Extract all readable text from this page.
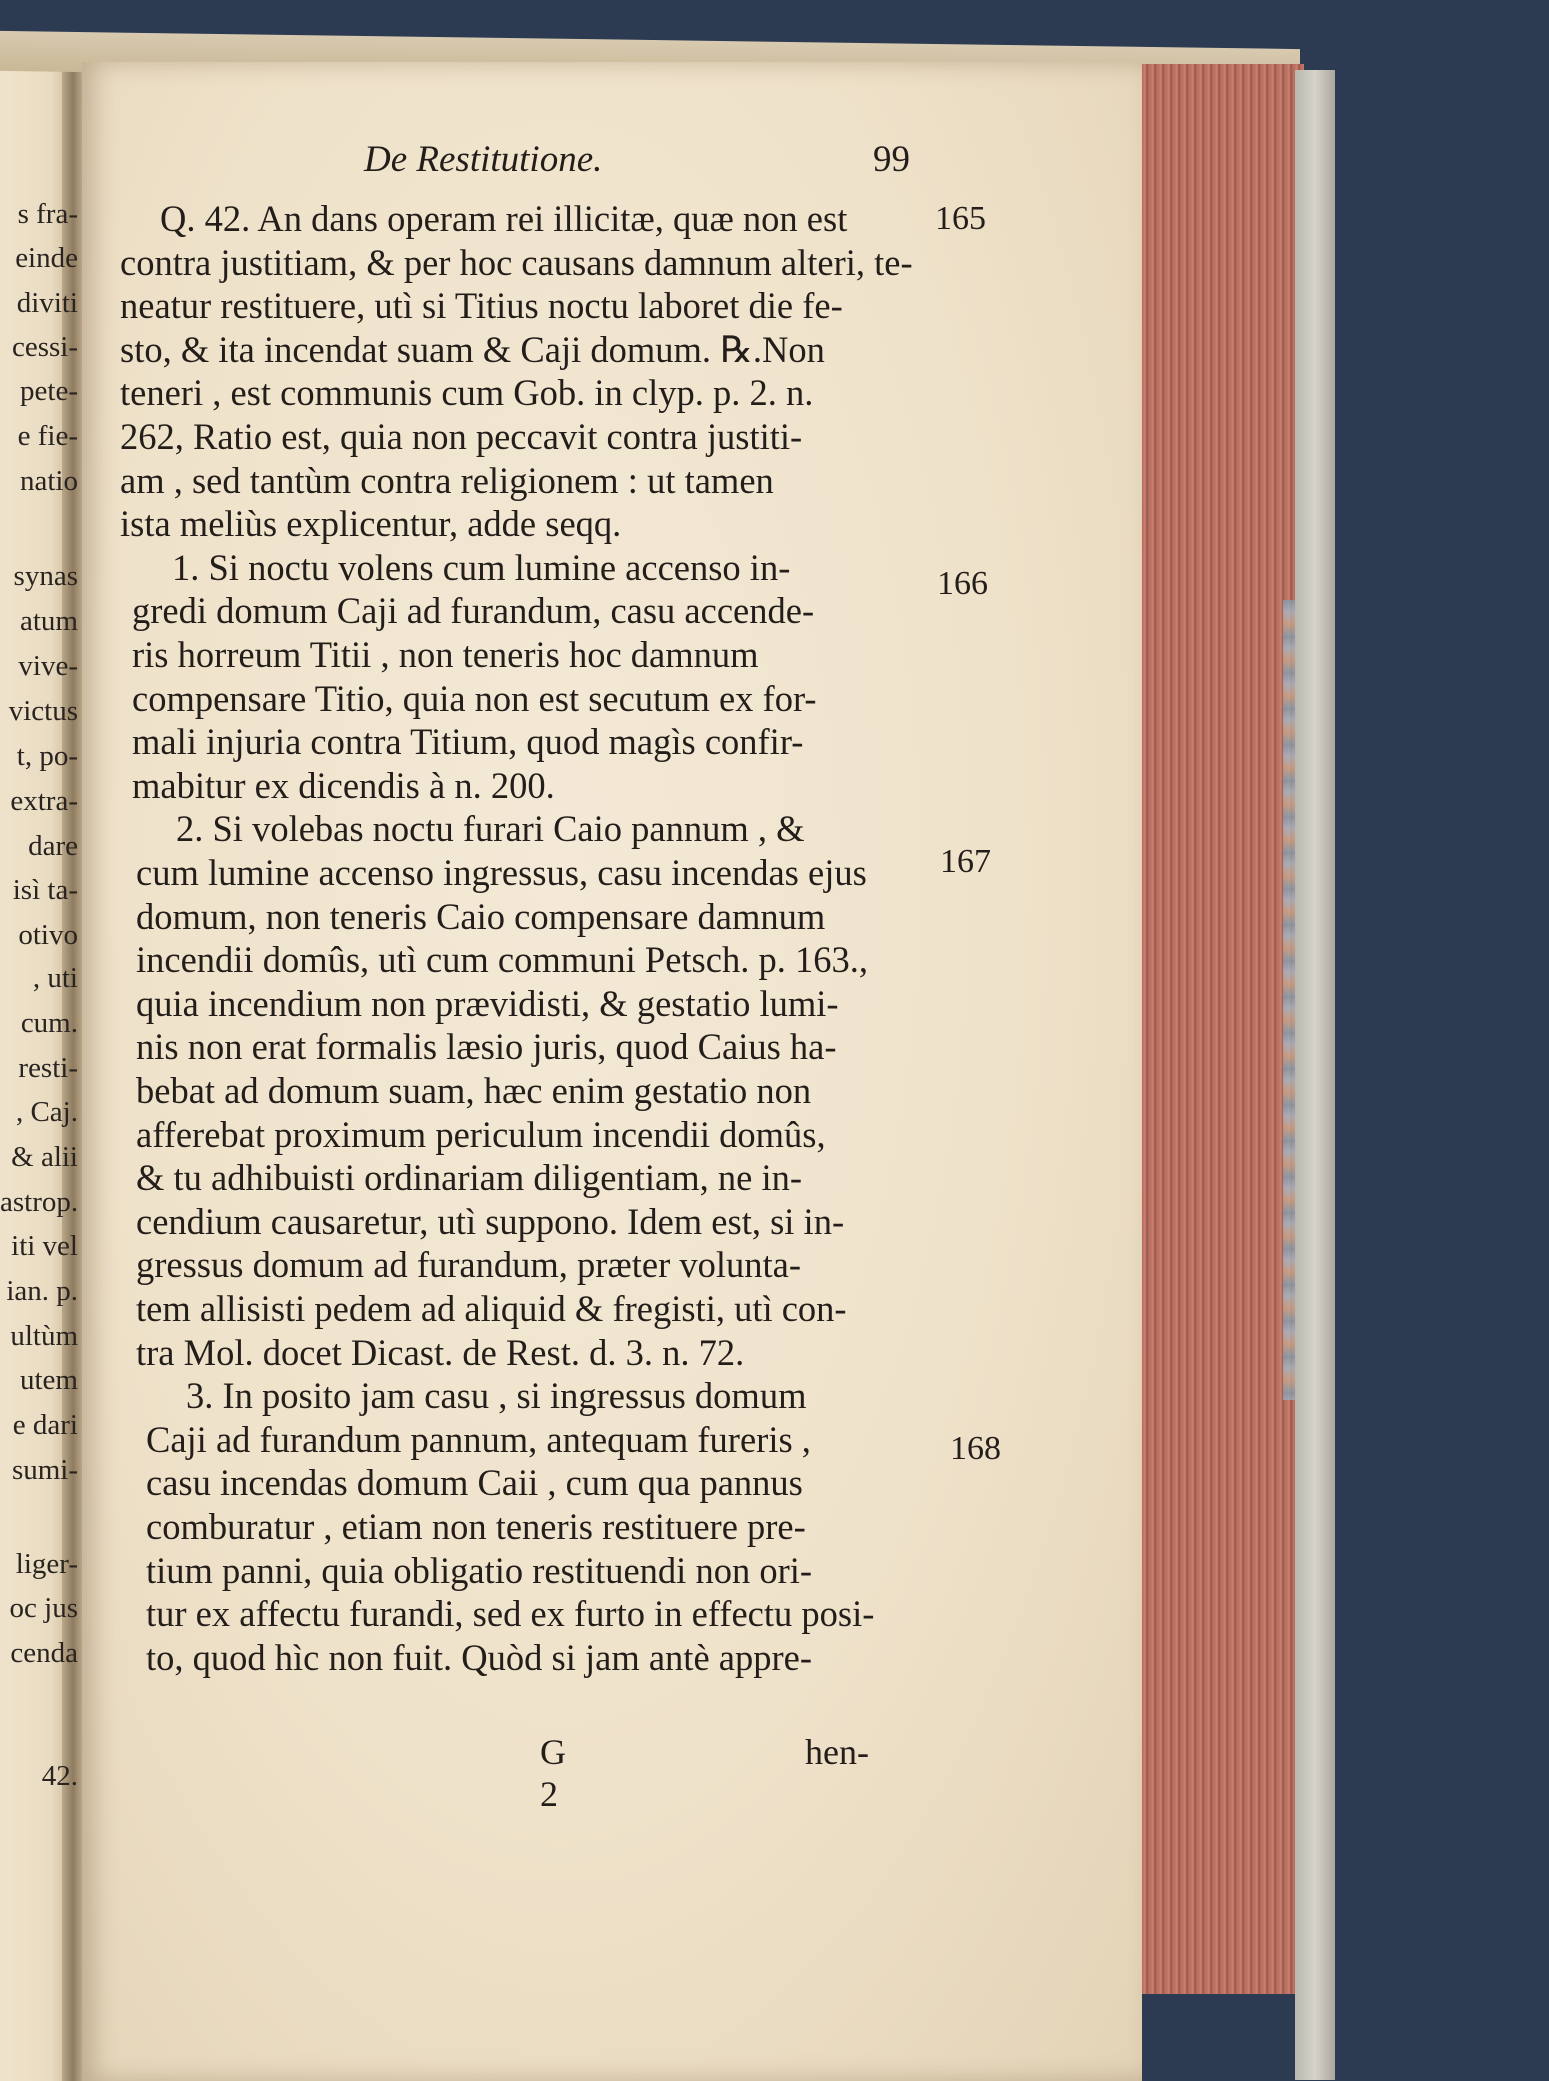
s fra-
einde
diviti
cessi-
pete-
e fie-
natio
synas
atum
vive-
victus
t, po-
extra-
dare
isì ta-
otivo
, uti
cum.
resti-
, Caj.
& alii
astrop.
iti vel
ian. p.
ultùm
utem
e dari
sumi-
liger-
oc jus
cenda
42.
De Restitutione.	99
Q. 42. An dans operam rei illicitæ, quæ non est
contra justitiam, & per hoc causans damnum alteri, te-
neatur restituere, utì si Titius noctu laboret die fe-
sto, & ita incendat suam & Caji domum. ℞.Non
teneri , est communis cum Gob. in clyp. p. 2. n.
262, Ratio est, quia non peccavit contra justiti-
am , sed tantùm contra religionem : ut tamen
ista meliùs explicentur, adde seqq.
1. Si noctu volens cum lumine accenso in-
gredi domum Caji ad furandum, casu accende-
ris horreum Titii , non teneris hoc damnum
compensare Titio, quia non est secutum ex for-
mali injuria contra Titium, quod magìs confir-
mabitur ex dicendis à n. 200.
2. Si volebas noctu furari Caio pannum , &
cum lumine accenso ingressus, casu incendas ejus
domum, non teneris Caio compensare damnum
incendii domûs, utì cum communi Petsch. p. 163.,
quia incendium non prævidisti, & gestatio lumi-
nis non erat formalis læsio juris, quod Caius ha-
bebat ad domum suam, hæc enim gestatio non
afferebat proximum periculum incendii domûs,
& tu adhibuisti ordinariam diligentiam, ne in-
cendium causaretur, utì suppono. Idem est, si in-
gressus domum ad furandum, præter volunta-
tem allisisti pedem ad aliquid & fregisti, utì con-
tra Mol. docet Dicast. de Rest. d. 3. n. 72.
3. In posito jam casu , si ingressus domum
Caji ad furandum pannum, antequam fureris ,
casu incendas domum Caii , cum qua pannus
comburatur , etiam non teneris restituere pre-
tium panni, quia obligatio restituendi non ori-
tur ex affectu furandi, sed ex furto in effectu posi-
to, quod hìc non fuit. Quòd si jam antè appre-
165
166
167
168
G 2
hen-
